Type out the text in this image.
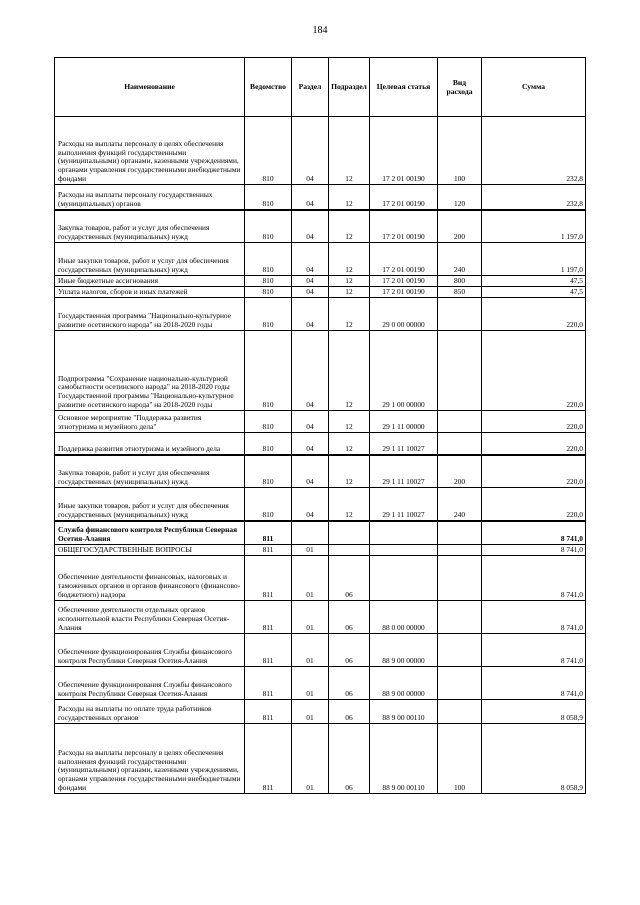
184
Наименование	Ведомство	Раздел	Подраздел	Целевая статья	Вид расхода	Сумма
Расходы на выплаты персоналу в целях обеспечения выполнения функций государственными (муниципальными) органами, казенными учреждениями, органами управления государственными внебюджетными фондами	810	04	12	17 2 01 00190	100	232,8
Расходы на выплаты персоналу государственных (муниципальных) органов	810	04	12	17 2 01 00190	120	232,8
Закупка товаров, работ и услуг для обеспечения государственных (муниципальных) нужд	810	04	12	17 2 01 00190	200	1 197,0
Иные закупки товаров, работ и услуг для обеспечения государственных (муниципальных) нужд	810	04	12	17 2 01 00190	240	1 197,0
Иные бюджетные ассигнования	810	04	12	17 2 01 00190	800	47,5
Уплата налогов, сборов и иных платежей	810	04	12	17 2 01 00190	850	47,5
Государственная программа "Национально-культурное развитие осетинского народа" на 2018-2020 годы	810	04	12	29 0 00 00000		220,0
Подпрограмма "Сохранение национально-культурной самобытности осетинского народа" на 2018-2020 годы Государственной программы "Национально-культурное развитие осетинского народа" на 2018-2020 годы	810	04	12	29 1 00 00000		220,0
Основное мероприятие "Поддержка развития этнотуризма и музейного дела"	810	04	12	29 1 11 00000		220,0
Поддержка развития этнотуризма и музейного дела	810	04	12	29 1 11 10027		220,0
Закупка товаров, работ и услуг для обеспечения государственных (муниципальных) нужд	810	04	12	29 1 11 10027	200	220,0
Иные закупки товаров, работ и услуг для обеспечения государственных (муниципальных) нужд	810	04	12	29 1 11 10027	240	220,0
Служба финансового контроля Республики Северная Осетия-Алания	811					8 741,0
ОБЩЕГОСУДАРСТВЕННЫЕ ВОПРОСЫ	811	01				8 741,0
Обеспечение деятельности финансовых, налоговых и таможенных органов и органов финансового (финансово-бюджетного) надзора	811	01	06			8 741,0
Обеспечение деятельности отдельных органов исполнительной власти Республики Северная Осетия-Алания	811	01	06	88 0 00 00000		8 741,0
Обеспечение функционирования Службы финансового контроля Республики Северная Осетия-Алания	811	01	06	88 9 00 00000		8 741,0
Обеспечение функционирования Службы финансового контроля Республики Северная Осетия-Алания	811	01	06	88 9 00 00000		8 741,0
Расходы на выплаты по оплате труда работников государственных органов	811	01	06	88 9 00 00110		8 058,9
Расходы на выплаты персоналу в целях обеспечения выполнения функций государственными (муниципальными) органами, казенными учреждениями, органами управления государственными внебюджетными фондами	811	01	06	88 9 00 00110	100	8 058,9
